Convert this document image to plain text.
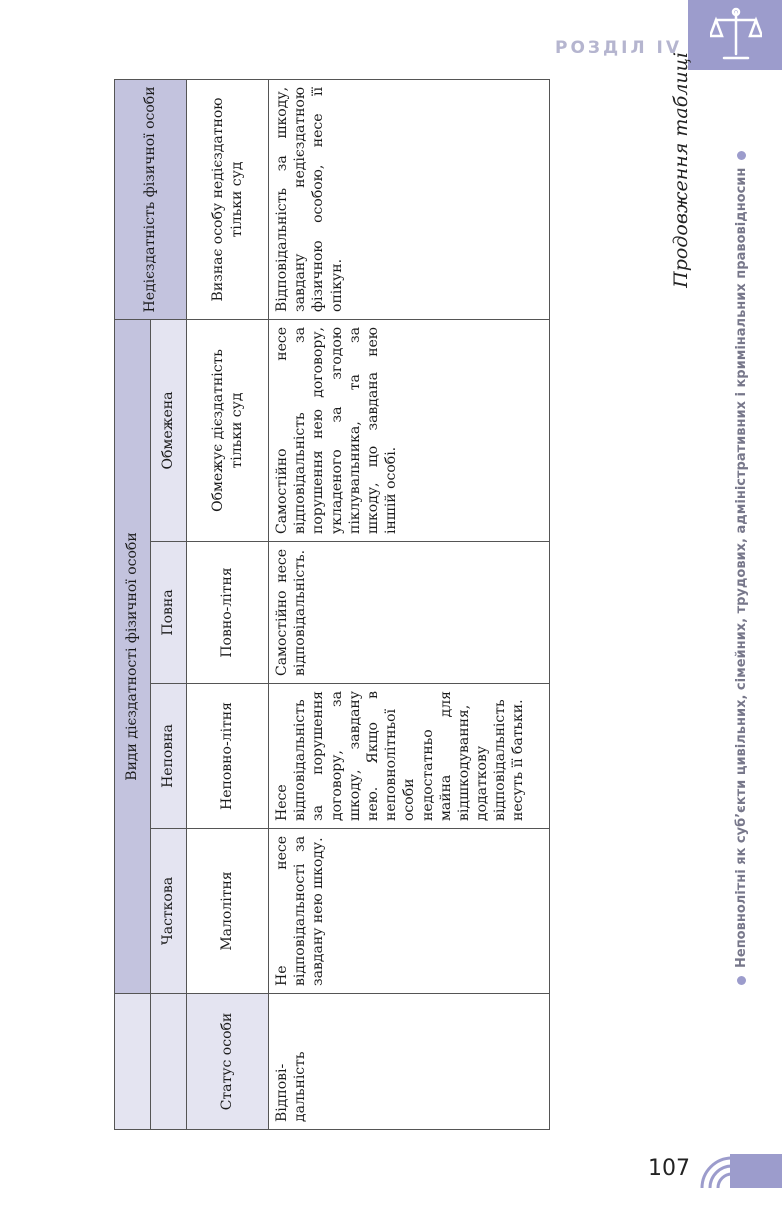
РОЗДІЛ IV
Неповнолітні як суб’єкти цивільних, сімейних, трудових, адміністративних і кримінальних правовідносин
Продовження таблиці
	Види дієздатності фізичної особи				Недієздатність фізичної особи
	Часткова	Неповна	Повна	Обмежена	
Статус особи	Малолітня	Неповно-літня	Повно-літня	Обмежує дієздатність тільки суд	Визнає особу недієздатною тільки суд
Відпові-дальність	Не несе відповідальності за завдану нею шкоду.	Несе відповідальність за порушення договору, за шкоду, завдану нею. Якщо в неповнолітньої особи недостатньо майна для відшкодування, додаткову відповідальність несуть її батьки.	Самостійно несе відповідальність.	Самостійно несе відповідальність за порушення нею договору, укладеного за згодою піклувальника, та за шкоду, що завдана нею іншій особі.	Відповідальність за шкоду, завдану недієздатною фізичною особою, несе її опікун.
107
